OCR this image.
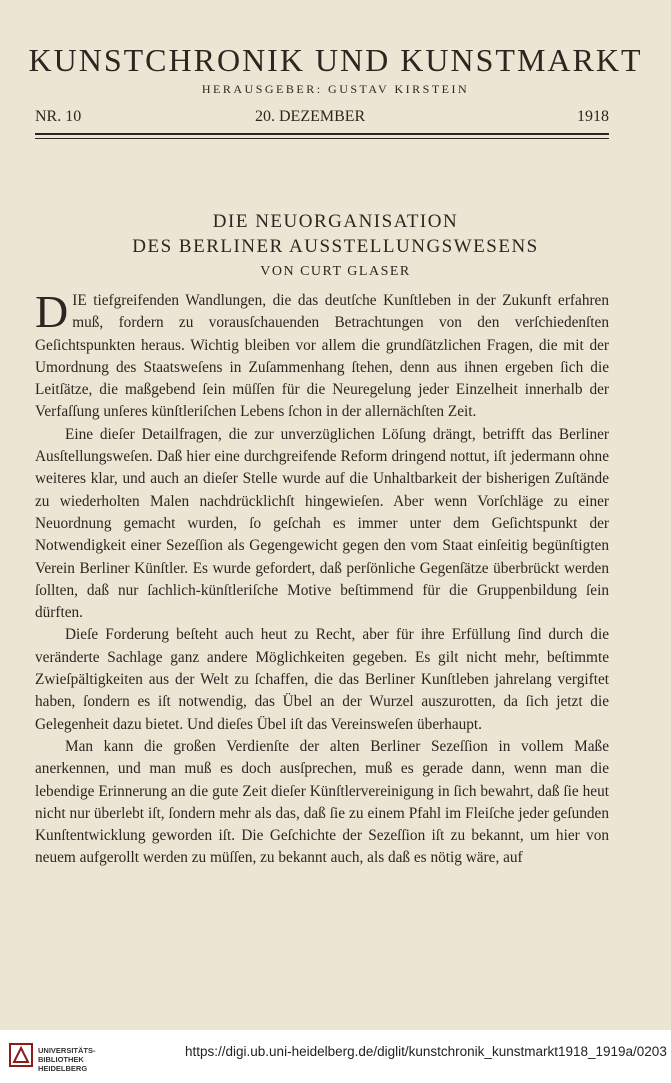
KUNSTCHRONIK UND KUNSTMARKT
HERAUSGEBER: GUSTAV KIRSTEIN
NR. 10	20. DEZEMBER	1918
DIE NEUORGANISATION
DES BERLINER AUSSTELLUNGSWESENS
VON CURT GLASER

DIE tiefgreifenden Wandlungen, die das deutſche Kunſtleben in der Zukunft erfahren muß, fordern zu vorausſchauenden Betrachtungen von den verſchiedenſten Geſichtspunkten heraus. Wichtig bleiben vor allem die grundſätzlichen Fragen, die mit der Umordnung des Staatsweſens in Zuſammenhang ſtehen, denn aus ihnen ergeben ſich die Leitſätze, die maßgebend ſein müſſen für die Neuregelung jeder Einzelheit innerhalb der Verfaſſung unſeres künſtleriſchen Lebens ſchon in der allernächſten Zeit.

Eine dieſer Detailfragen, die zur unverzüglichen Löſung drängt, betrifft das Berliner Ausſtellungsweſen. Daß hier eine durchgreifende Reform dringend nottut, iſt jedermann ohne weiteres klar, und auch an dieſer Stelle wurde auf die Unhaltbarkeit der bisherigen Zuſtände zu wiederholten Malen nachdrücklichſt hingewieſen. Aber wenn Vorſchläge zu einer Neuordnung gemacht wurden, ſo geſchah es immer unter dem Geſichtspunkt der Notwendigkeit einer Sezeſſion als Gegengewicht gegen den vom Staat einſeitig begünſtigten Verein Berliner Künſtler. Es wurde gefordert, daß perſönliche Gegenſätze überbrückt werden ſollten, daß nur ſachlich-künſtleriſche Motive beſtimmend für die Gruppenbildung ſein dürften.

Dieſe Forderung beſteht auch heut zu Recht, aber für ihre Erfüllung ſind durch die veränderte Sachlage ganz andere Möglichkeiten gegeben. Es gilt nicht mehr, beſtimmte Zwieſpältigkeiten aus der Welt zu ſchaffen, die das Berliner Kunſtleben jahrelang vergiftet haben, ſondern es iſt notwendig, das Übel an der Wurzel auszurotten, da ſich jetzt die Gelegenheit dazu bietet. Und dieſes Übel iſt das Vereinsweſen überhaupt.

Man kann die großen Verdienſte der alten Berliner Sezeſſion in vollem Maße anerkennen, und man muß es doch ausſprechen, muß es gerade dann, wenn man die lebendige Erinnerung an die gute Zeit dieſer Künſtlervereinigung in ſich bewahrt, daß ſie heut nicht nur überlebt iſt, ſondern mehr als das, daß ſie zu einem Pfahl im Fleiſche jeder geſunden Kunſtentwicklung geworden iſt. Die Geſchichte der Sezeſſion iſt zu bekannt, um hier von neuem aufgerollt werden zu müſſen, zu bekannt auch, als daß es nötig wäre, auf

UNIVERSITÄTS-
BIBLIOTHEK
HEIDELBERG
https://digi.ub.uni-heidelberg.de/diglit/kunstchronik_kunstmarkt1918_1919a/0203
